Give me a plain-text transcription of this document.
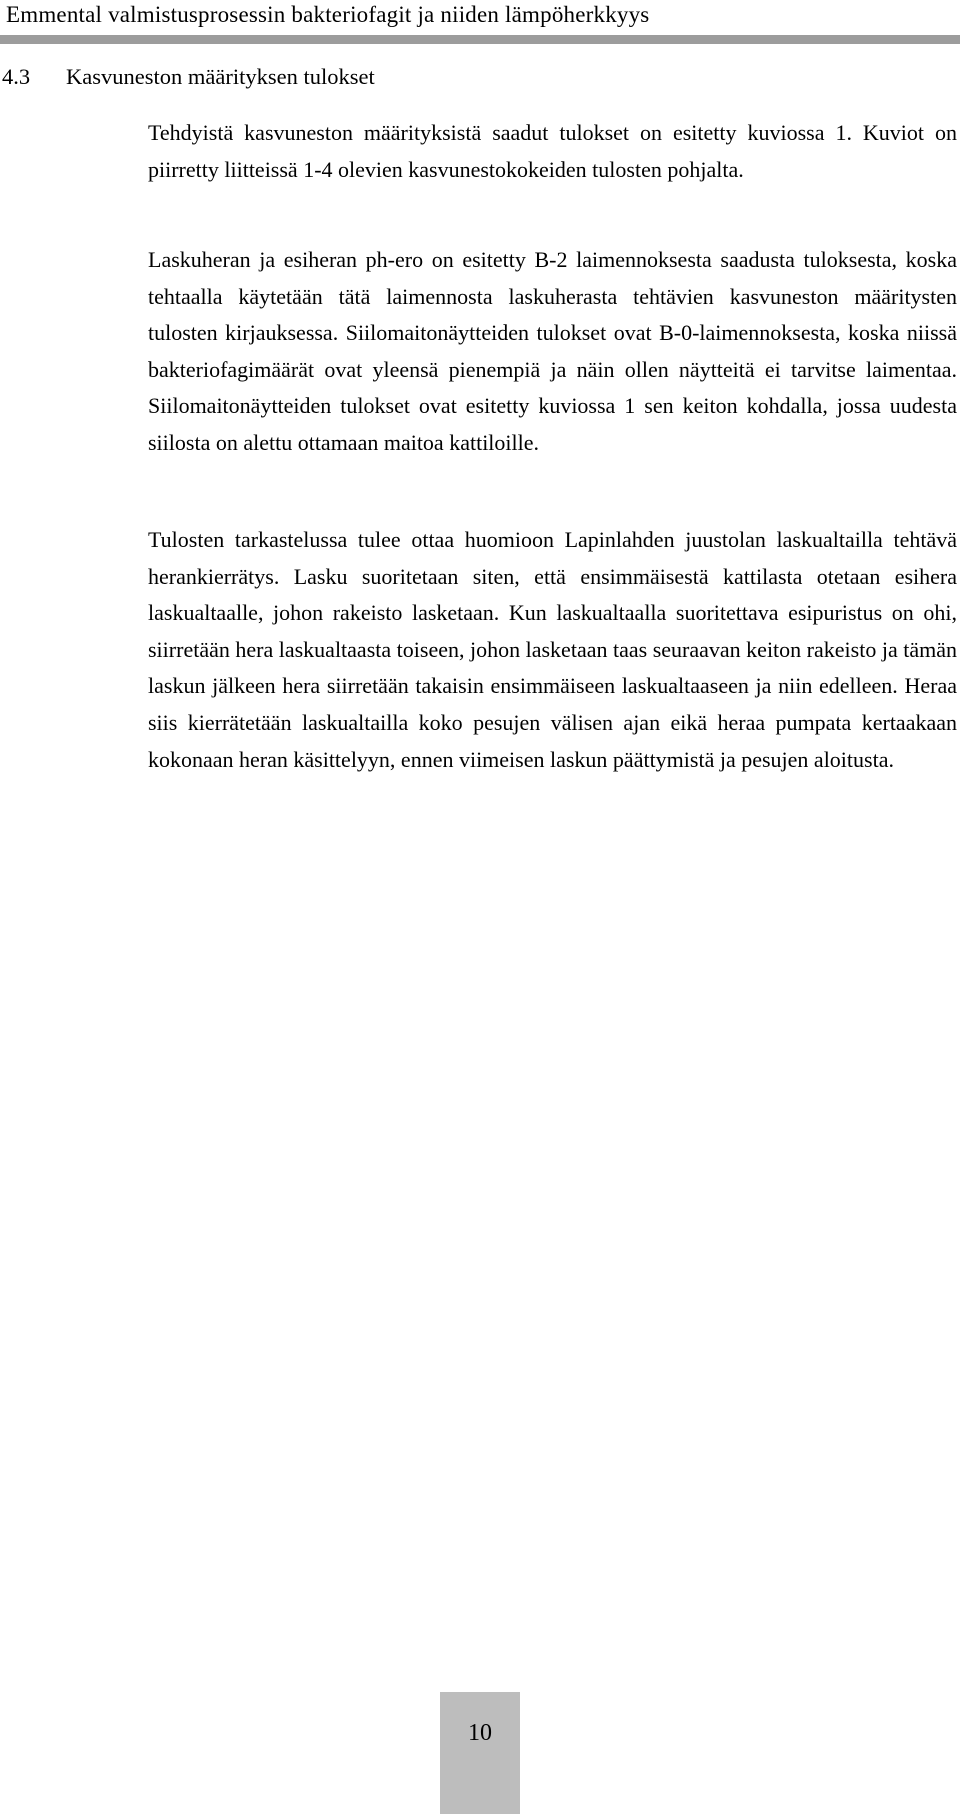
Emmental valmistusprosessin bakteriofagit ja niiden lämpöherkkyys
4.3 Kasvuneston määrityksen tulokset

Tehdyistä kasvuneston määrityksistä saadut tulokset on esitetty kuviossa 1. Kuviot on piirretty liitteissä 1-4 olevien kasvunestokokeiden tulosten pohjalta.

Laskuheran ja esiheran ph-ero on esitetty B-2 laimennoksesta saadusta tuloksesta, koska tehtaalla käytetään tätä laimennosta laskuherasta tehtävien kasvuneston määritysten tulosten kirjauksessa. Siilomaitonäytteiden tulokset ovat B-0-laimennoksesta, koska niissä bakteriofagimäärät ovat yleensä pienempiä ja näin ollen näytteitä ei tarvitse laimentaa. Siilomaitonäytteiden tulokset ovat esitetty kuviossa 1 sen keiton kohdalla, jossa uudesta siilosta on alettu ottamaan maitoa kattiloille.

Tulosten tarkastelussa tulee ottaa huomioon Lapinlahden juustolan laskualtailla tehtävä herankierrätys. Lasku suoritetaan siten, että ensimmäisestä kattilasta otetaan esihera laskualtaalle, johon rakeisto lasketaan. Kun laskualtaalla suoritettava esipuristus on ohi, siirretään hera laskualtaasta toiseen, johon lasketaan taas seuraavan keiton rakeisto ja tämän laskun jälkeen hera siirretään takaisin ensimmäiseen laskualtaaseen ja niin edelleen. Heraa siis kierrätetään laskualtailla koko pesujen välisen ajan eikä heraa pumpata kertaakaan kokonaan heran käsittelyyn, ennen viimeisen laskun päättymistä ja pesujen aloitusta.

10
